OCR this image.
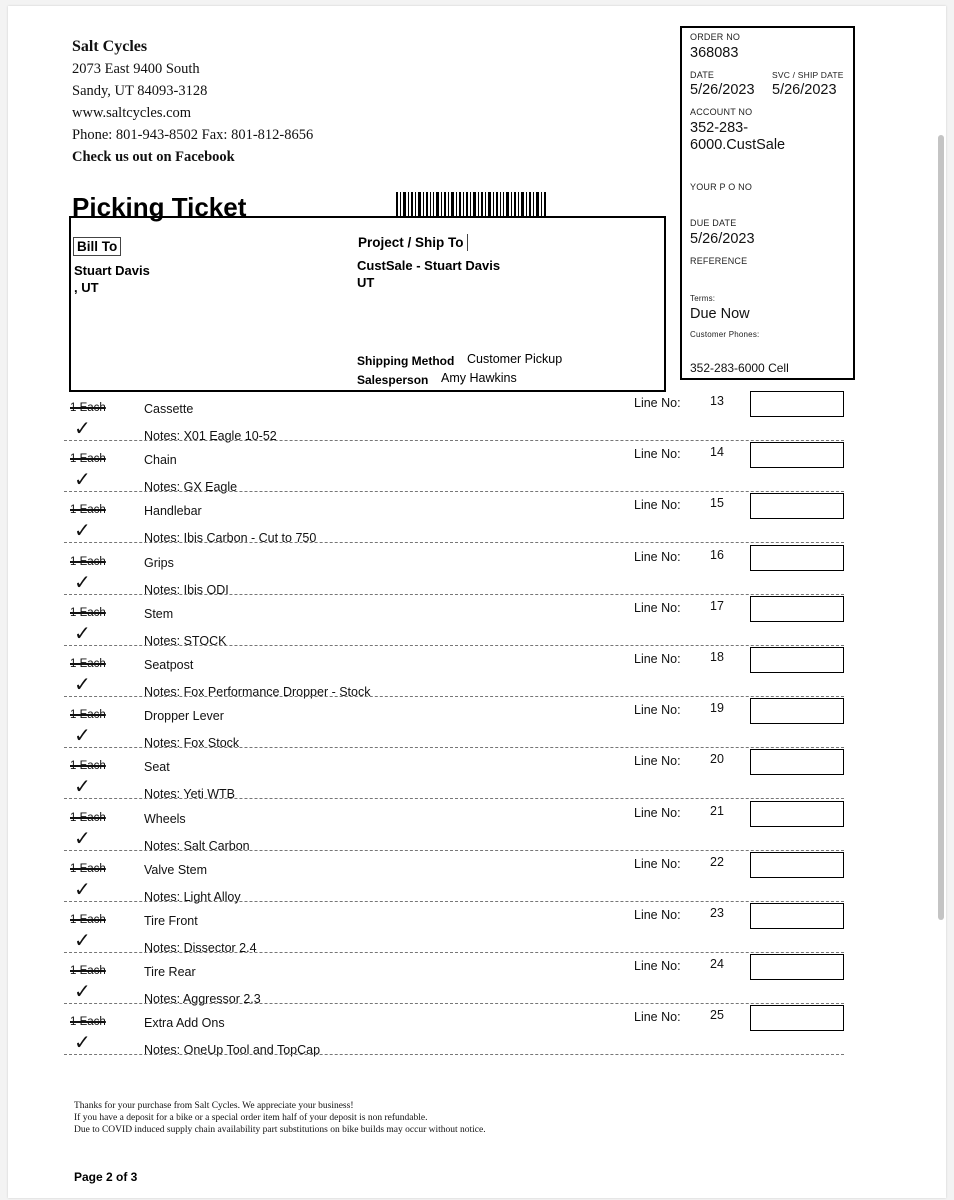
Salt Cycles
2073 East 9400 South
Sandy, UT 84093-3128
www.saltcycles.com
Phone: 801-943-8502 Fax: 801-812-8656
Check us out on Facebook
Picking Ticket
Bill To
Stuart Davis
, UT
Project / Ship To
CustSale - Stuart Davis
UT
Shipping Method Customer Pickup
Salesperson Amy Hawkins
ORDER NO
368083
DATE	SVC / SHIP DATE
5/26/2023 5/26/2023
ACCOUNT NO
352-283-
6000.CustSale
YOUR P O NO
DUE DATE
5/26/2023
REFERENCE
Terms:
Due Now
Customer Phones:
352-283-6000 Cell
1 Each
✓
Cassette
Notes: X01 Eagle 10-52
Line No: 13
1 Each
✓
Chain
Notes: GX Eagle
Line No: 14
1 Each
✓
Handlebar
Notes: Ibis Carbon - Cut to 750
Line No: 15
1 Each
✓
Grips
Notes: Ibis ODI
Line No: 16
1 Each
✓
Stem
Notes: STOCK
Line No: 17
1 Each
✓
Seatpost
Notes: Fox Performance Dropper - Stock
Line No: 18
1 Each
✓
Dropper Lever
Notes: Fox Stock
Line No: 19
1 Each
✓
Seat
Notes: Yeti WTB
Line No: 20
1 Each
✓
Wheels
Notes: Salt Carbon
Line No: 21
1 Each
✓
Valve Stem
Notes: Light Alloy
Line No: 22
1 Each
✓
Tire Front
Notes: Dissector 2.4
Line No: 23
1 Each
✓
Tire Rear
Notes: Aggressor 2.3
Line No: 24
1 Each
✓
Extra Add Ons
Notes: OneUp Tool and TopCap
Line No: 25
Thanks for your purchase from Salt Cycles. We appreciate your business!
If you have a deposit for a bike or a special order item half of your deposit is non refundable.
Due to COVID induced supply chain availability part substitutions on bike builds may occur without notice.
Page 2 of 3
